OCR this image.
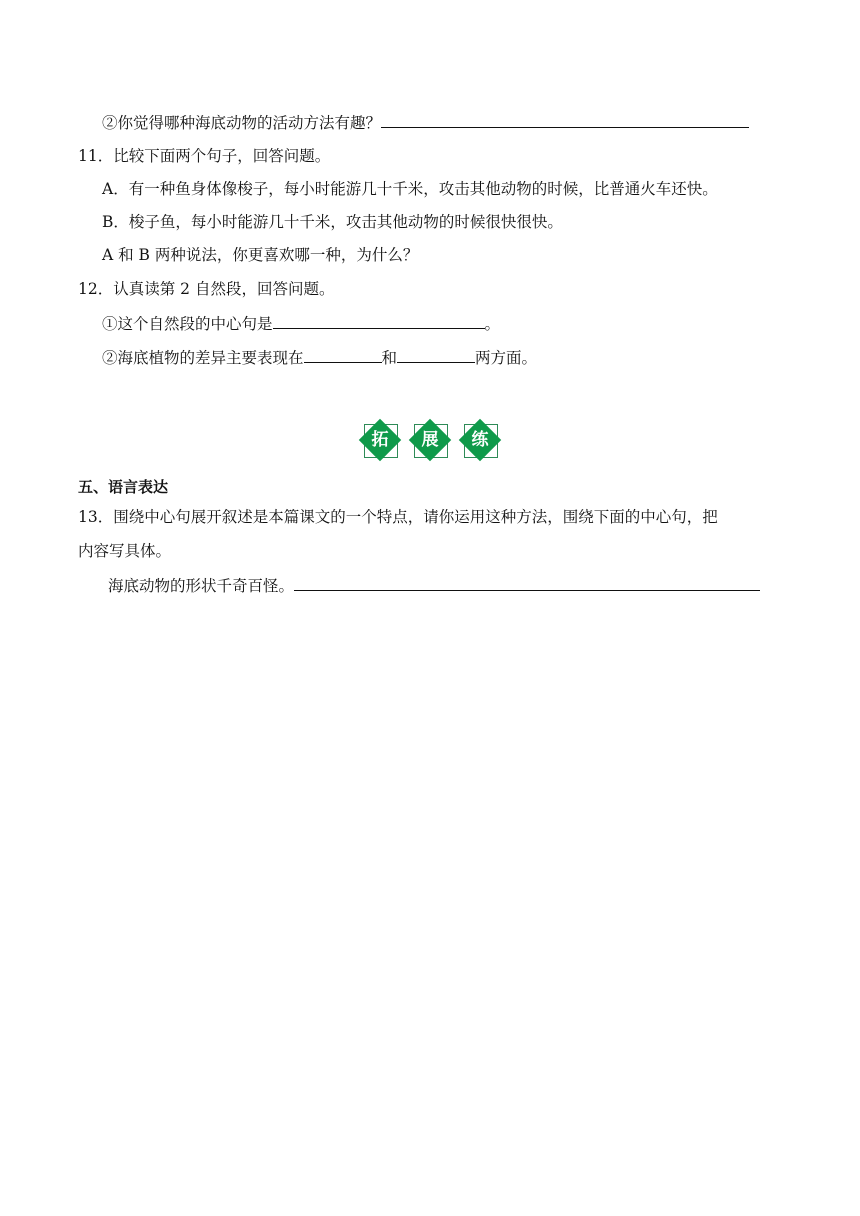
②你觉得哪种海底动物的活动方法有趣？
11．比较下面两个句子，回答问题。
A．有一种鱼身体像梭子，每小时能游几十千米，攻击其他动物的时候，比普通火车还快。
B．梭子鱼，每小时能游几十千米，攻击其他动物的时候很快很快。
A 和 B 两种说法，你更喜欢哪一种，为什么？
12．认真读第 2 自然段，回答问题。
①这个自然段的中心句是	。
②海底植物的差异主要表现在	和	两方面。
拓	展	练
五、语言表达
13．围绕中心句展开叙述是本篇课文的一个特点，请你运用这种方法，围绕下面的中心句，把
内容写具体。
海底动物的形状千奇百怪。
